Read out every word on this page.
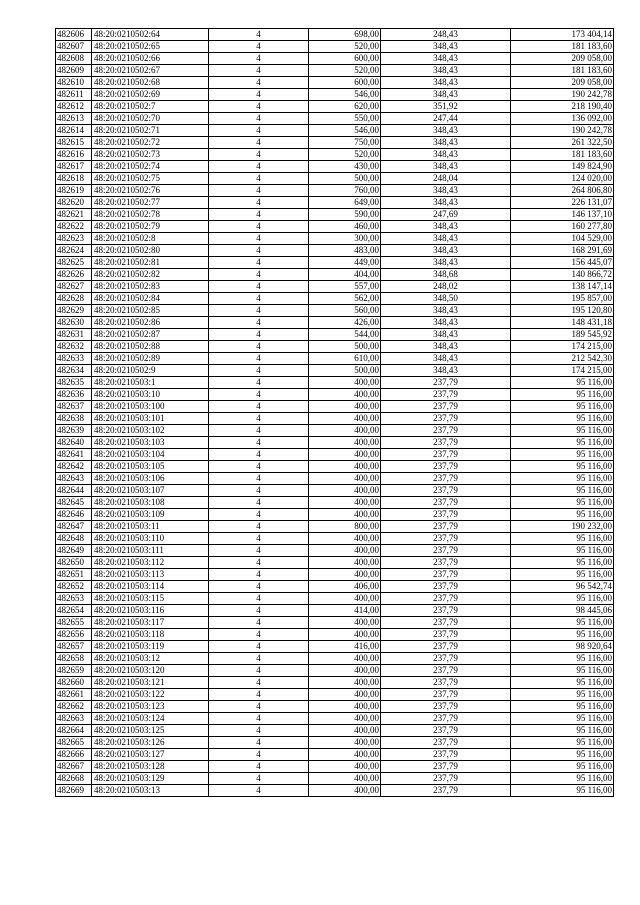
482606	48:20:0210502:64	4	698,00	248,43	173 404,14
482607	48:20:0210502:65	4	520,00	348,43	181 183,60
482608	48:20:0210502:66	4	600,00	348,43	209 058,00
482609	48:20:0210502:67	4	520,00	348,43	181 183,60
482610	48:20:0210502:68	4	600,00	348,43	209 058,00
482611	48:20:0210502:69	4	546,00	348,43	190 242,78
482612	48:20:0210502:7	4	620,00	351,92	218 190,40
482613	48:20:0210502:70	4	550,00	247,44	136 092,00
482614	48:20:0210502:71	4	546,00	348,43	190 242,78
482615	48:20:0210502:72	4	750,00	348,43	261 322,50
482616	48:20:0210502:73	4	520,00	348,43	181 183,60
482617	48:20:0210502:74	4	430,00	348,43	149 824,90
482618	48:20:0210502:75	4	500,00	248,04	124 020,00
482619	48:20:0210502:76	4	760,00	348,43	264 806,80
482620	48:20:0210502:77	4	649,00	348,43	226 131,07
482621	48:20:0210502:78	4	590,00	247,69	146 137,10
482622	48:20:0210502:79	4	460,00	348,43	160 277,80
482623	48:20:0210502:8	4	300,00	348,43	104 529,00
482624	48:20:0210502:80	4	483,00	348,43	168 291,69
482625	48:20:0210502:81	4	449,00	348,43	156 445,07
482626	48:20:0210502:82	4	404,00	348,68	140 866,72
482627	48:20:0210502:83	4	557,00	248,02	138 147,14
482628	48:20:0210502:84	4	562,00	348,50	195 857,00
482629	48:20:0210502:85	4	560,00	348,43	195 120,80
482630	48:20:0210502:86	4	426,00	348,43	148 431,18
482631	48:20:0210502:87	4	544,00	348,43	189 545,92
482632	48:20:0210502:88	4	500,00	348,43	174 215,00
482633	48:20:0210502:89	4	610,00	348,43	212 542,30
482634	48:20:0210502:9	4	500,00	348,43	174 215,00
482635	48:20:0210503:1	4	400,00	237,79	95 116,00
482636	48:20:0210503:10	4	400,00	237,79	95 116,00
482637	48:20:0210503:100	4	400,00	237,79	95 116,00
482638	48:20:0210503:101	4	400,00	237,79	95 116,00
482639	48:20:0210503:102	4	400,00	237,79	95 116,00
482640	48:20:0210503:103	4	400,00	237,79	95 116,00
482641	48:20:0210503:104	4	400,00	237,79	95 116,00
482642	48:20:0210503:105	4	400,00	237,79	95 116,00
482643	48:20:0210503:106	4	400,00	237,79	95 116,00
482644	48:20:0210503:107	4	400,00	237,79	95 116,00
482645	48:20:0210503:108	4	400,00	237,79	95 116,00
482646	48:20:0210503:109	4	400,00	237,79	95 116,00
482647	48:20:0210503:11	4	800,00	237,79	190 232,00
482648	48:20:0210503:110	4	400,00	237,79	95 116,00
482649	48:20:0210503:111	4	400,00	237,79	95 116,00
482650	48:20:0210503:112	4	400,00	237,79	95 116,00
482651	48:20:0210503:113	4	400,00	237,79	95 116,00
482652	48:20:0210503:114	4	406,00	237,79	96 542,74
482653	48:20:0210503:115	4	400,00	237,79	95 116,00
482654	48:20:0210503:116	4	414,00	237,79	98 445,06
482655	48:20:0210503:117	4	400,00	237,79	95 116,00
482656	48:20:0210503:118	4	400,00	237,79	95 116,00
482657	48:20:0210503:119	4	416,00	237,79	98 920,64
482658	48:20:0210503:12	4	400,00	237,79	95 116,00
482659	48:20:0210503:120	4	400,00	237,79	95 116,00
482660	48:20:0210503:121	4	400,00	237,79	95 116,00
482661	48:20:0210503:122	4	400,00	237,79	95 116,00
482662	48:20:0210503:123	4	400,00	237,79	95 116,00
482663	48:20:0210503:124	4	400,00	237,79	95 116,00
482664	48:20:0210503:125	4	400,00	237,79	95 116,00
482665	48:20:0210503:126	4	400,00	237,79	95 116,00
482666	48:20:0210503:127	4	400,00	237,79	95 116,00
482667	48:20:0210503:128	4	400,00	237,79	95 116,00
482668	48:20:0210503:129	4	400,00	237,79	95 116,00
482669	48:20:0210503:13	4	400,00	237,79	95 116,00
